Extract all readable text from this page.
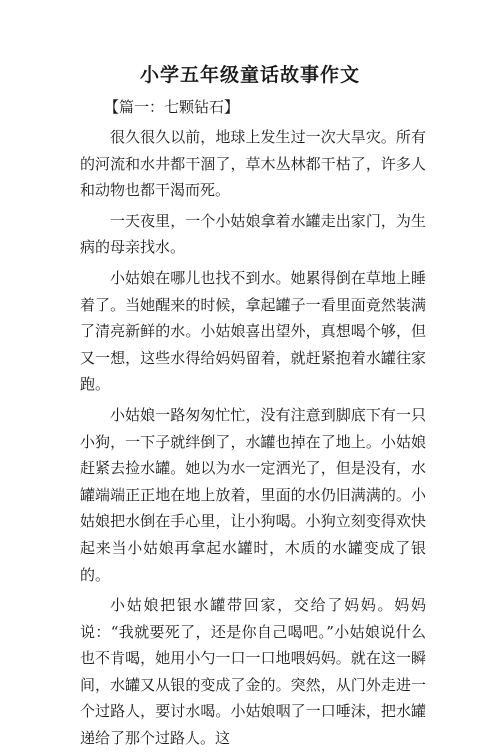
小学五年级童话故事作文

【篇一：七颗钻石】

很久很久以前，地球上发生过一次大旱灾。所有的河流和水井都干涸了，草木丛林都干枯了，许多人和动物也都干渴而死。

一天夜里，一个小姑娘拿着水罐走出家门，为生病的母亲找水。

小姑娘在哪儿也找不到水。她累得倒在草地上睡着了。当她醒来的时候，拿起罐子一看里面竟然装满了清亮新鲜的水。小姑娘喜出望外，真想喝个够，但又一想，这些水得给妈妈留着，就赶紧抱着水罐往家跑。

小姑娘一路匆匆忙忙，没有注意到脚底下有一只小狗，一下子就绊倒了，水罐也掉在了地上。小姑娘赶紧去捡水罐。她以为水一定洒光了，但是没有，水罐端端正正地在地上放着，里面的水仍旧满满的。小姑娘把水倒在手心里，让小狗喝。小狗立刻变得欢快起来当小姑娘再拿起水罐时，木质的水罐变成了银的。

小姑娘把银水罐带回家，交给了妈妈。妈妈说：“我就要死了，还是你自己喝吧。”小姑娘说什么也不肯喝，她用小勺一口一口地喂妈妈。就在这一瞬间，水罐又从银的变成了金的。突然，从门外走进一个过路人，要讨水喝。小姑娘咽了一口唾沫，把水罐递给了那个过路人。这
